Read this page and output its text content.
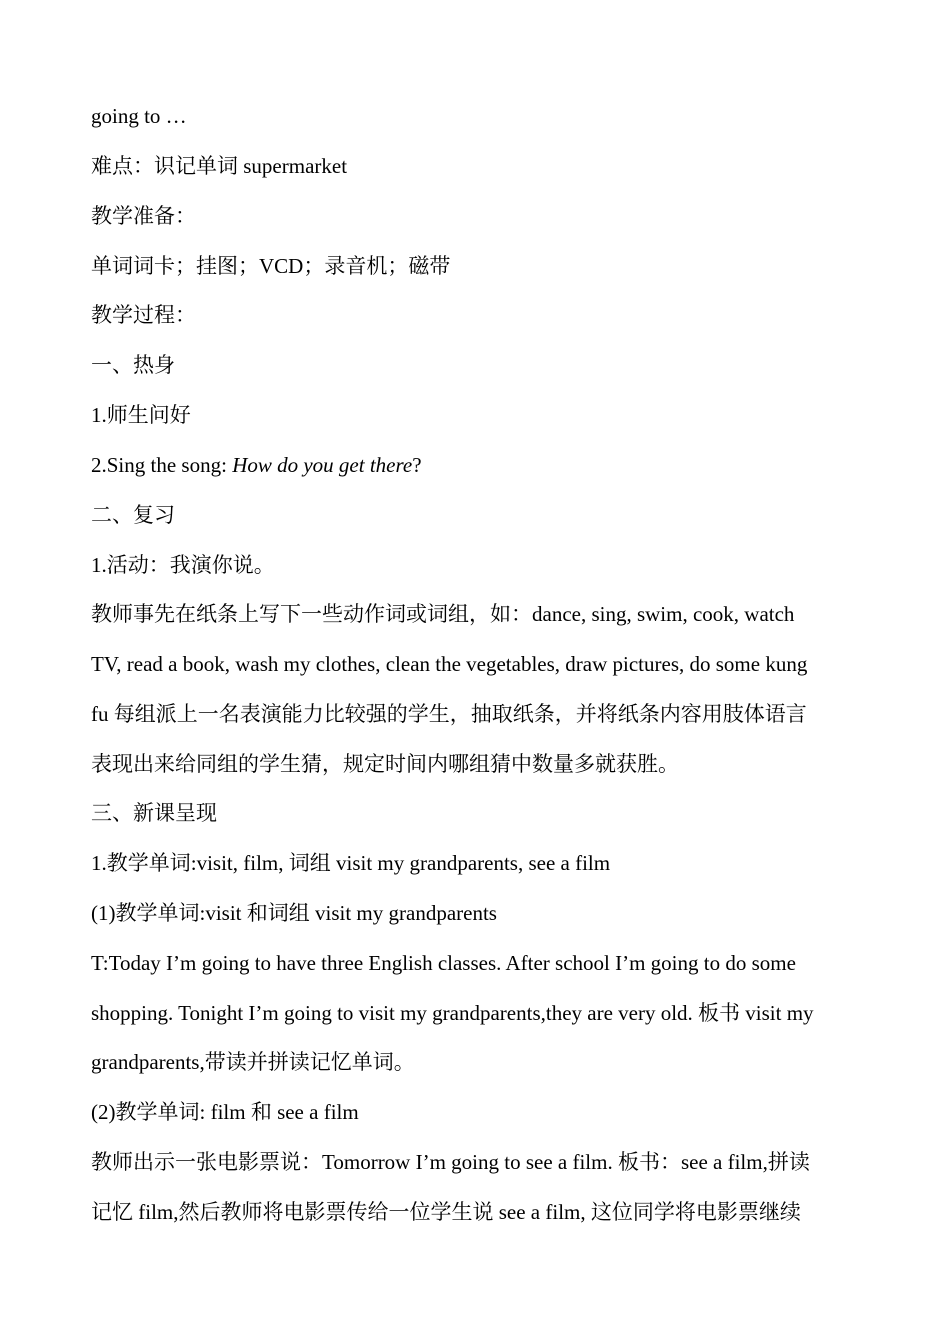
going to …
难点：识记单词 supermarket
教学准备：
单词词卡；挂图；VCD；录音机；磁带
教学过程：
一、热身
1.师生问好
2.Sing the song: How do you get there?
二、复习
1.活动：我演你说。
教师事先在纸条上写下一些动作词或词组，如：dance, sing, swim, cook, watch
TV, read a book, wash my clothes, clean the vegetables, draw pictures, do some kung
fu 每组派上一名表演能力比较强的学生，抽取纸条，并将纸条内容用肢体语言
表现出来给同组的学生猜，规定时间内哪组猜中数量多就获胜。
三、新课呈现
1.教学单词:visit, film, 词组 visit my grandparents, see a film
(1)教学单词:visit 和词组 visit my grandparents
T:Today I’m going to have three English classes. After school I’m going to do some
shopping. Tonight I’m going to visit my grandparents,they are very old. 板书 visit my
grandparents,带读并拼读记忆单词。
(2)教学单词: film 和 see a film
教师出示一张电影票说：Tomorrow I’m going to see a film. 板书：see a film,拼读
记忆 film,然后教师将电影票传给一位学生说 see a film, 这位同学将电影票继续
